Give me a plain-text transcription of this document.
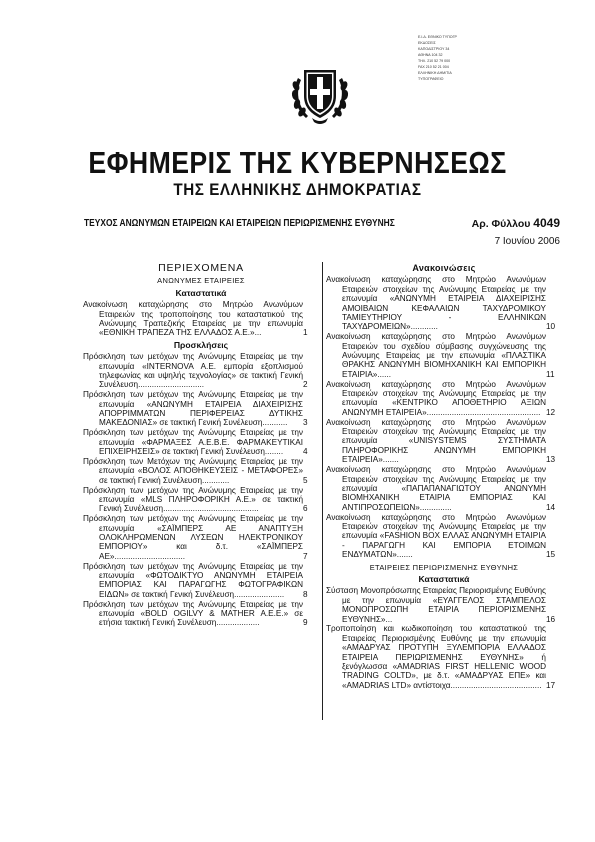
Ε.Ι.Δ. ΕΘΝΙΚΟ ΤΥΠΟΓΡ
ΕΚΔΟΣΕΙΣ
ΚΑΠΟΔΙΣΤΡΙΟΥ 34
ΑΘΗΝΑ 104 32
ΤΗΛ. 210 52 79 000
FAX 210 52 21 004
ΕΛΛΗΝΙΚΗ ΔΗΜ/ΤΙΑ
ΤΥΠΟΓΡΑΦΕΙΟ
ΕΦΗΜΕΡΙΣ ΤΗΣ ΚΥΒΕΡΝΗΣΕΩΣ
ΤΗΣ ΕΛΛΗΝΙΚΗΣ ΔΗΜΟΚΡΑΤΙΑΣ
ΤΕΥΧΟΣ ΑΝΩΝΥΜΩΝ ΕΤΑΙΡΕΙΩΝ ΚΑΙ ΕΤΑΙΡΕΙΩΝ ΠΕΡΙΩΡΙΣΜΕΝΗΣ ΕΥΘΥΝΗΣ	Αρ. Φύλλου 4049
7 Ιουνίου 2006
ΠΕΡΙΕΧΟΜΕΝΑ
ΑΝΩΝΥΜΕΣ ΕΤΑΙΡΕΙΕΣ
Καταστατικά
Ανακοίνωση καταχώρησης στο Μητρώο Ανωνύμων Εταιρειών της τροποποίησης του καταστατικού της Ανώνυμης Τραπεζικής Εταιρείας με την επωνυμία «ΕΘΝΙΚΗ ΤΡΑΠΕΖΑ ΤΗΣ ΕΛΛΑΔΟΣ Α.Ε.»...	1
Προσκλήσεις
Πρόσκληση των μετόχων της Ανώνυμης Εταιρείας με την επωνυμία «INTERNOVA A.E. εμπορία εξοπλισμού τηλεφωνίας και υψηλής τεχνολογίας» σε τακτική Γενική Συνέλευση.............................	2
Πρόσκληση των μετόχων της Ανώνυμης Εταιρείας με την επωνυμία «ΑΝΩΝΥΜΗ ΕΤΑΙΡΕΙΑ ΔΙΑΧΕΙΡΙΣΗΣ ΑΠΟΡΡΙΜΜΑΤΩΝ ΠΕΡΙΦΕΡΕΙΑΣ ΔΥΤΙΚΗΣ ΜΑΚΕΔΟΝΙΑΣ» σε τακτική Γενική Συνέλευση........... 3
Πρόσκληση των μετόχων της Ανώνυμης Εταιρείας με την επωνυμία «ΦΑΡΜΑΞΕΣ Α.Ε.Β.Ε. ΦΑΡΜΑΚΕΥΤΙΚΑΙ ΕΠΙΧΕΙΡΗΣΕΙΣ» σε τακτική Γενική Συνέλευση........ 4
Πρόσκληση των Μετόχων της Ανώνυμης Εταιρείας με την επωνυμία «ΒΟΛΟΣ ΑΠΟΘΗΚΕΥΣΕΙΣ - ΜΕΤΑΦΟΡΕΣ» σε τακτική Γενική Συνέλευση............	5
Πρόσκληση των μετόχων της Ανώνυμης Εταιρείας με την επωνυμία «MLS ΠΛΗΡΟΦΟΡΙΚΗ Α.Ε.» σε τακτική Γενική Συνέλευση..........................................	6
Πρόσκληση των μετόχων της Ανώνυμης Εταιρείας με την επωνυμία «ΣΑΪΜΠΕΡΣ ΑΕ ΑΝΑΠΤΥΞΗ ΟΛΟΚΛΗΡΩΜΕΝΩΝ ΛΥΣΕΩΝ ΗΛΕΚΤΡΟΝΙΚΟΥ ΕΜΠΟΡΙΟΥ» και δ.τ. «ΣΑΪΜΠΕΡΣ ΑΕ»...............................	7
Πρόσκληση των μετόχων της Ανώνυμης Εταιρείας με την επωνυμία «ΦΩΤΟΔΙΚΤΥΟ ΑΝΩΝΥΜΗ ΕΤΑΙΡΕΙΑ ΕΜΠΟΡΙΑΣ ΚΑΙ ΠΑΡΑΓΩΓΗΣ ΦΩΤΟΓΡΑΦΙΚΩΝ ΕΙΔΩΝ» σε τακτική Γενική Συνέλευση...................... 8
Πρόσκληση των μετόχων της Ανώνυμης Εταιρείας με την επωνυμία «BOLD OGILVY & MATHER A.E.E.» σε ετήσια τακτική Γενική Συνέλευση...................	9
Ανακοινώσεις
Ανακοίνωση καταχώρησης στο Μητρώο Ανωνύμων Εταιρειών στοιχείων της Ανώνυμης Εταιρείας με την επωνυμία «ΑΝΩΝΥΜΗ ΕΤΑΙΡΕΙΑ ΔΙΑΧΕΙΡΙΣΗΣ ΑΜΟΙΒΑΙΩΝ ΚΕΦΑΛΑΙΩΝ ΤΑΧΥΔΡΟΜΙΚΟΥ ΤΑΜΙΕΥΤΗΡΙΟΥ - ΕΛΛΗΝΙΚΩΝ ΤΑΧΥΔΡΟΜΕΙΩΝ»............	10
Ανακοίνωση καταχώρησης στο Μητρώο Ανωνύμων Εταιρειών του σχεδίου σύμβασης συγχώνευσης της Ανώνυμης Εταιρείας με την επωνυμία «ΠΛΑΣΤΙΚΑ ΘΡΑΚΗΣ ΑΝΩΝΥΜΗ ΒΙΟΜΗΧΑΝΙΚΗ ΚΑΙ ΕΜΠΟΡΙΚΗ ΕΤΑΙΡΙΑ»......	11
Ανακοίνωση καταχώρησης στο Μητρώο Ανωνύμων Εταιρειών στοιχείων της Ανώνυμης Εταιρείας με την επωνυμία «ΚΕΝΤΡΙΚΟ ΑΠΟΘΕΤΗΡΙΟ ΑΞΙΩΝ ΑΝΩΝΥΜΗ ΕΤΑΙΡΕΙΑ».................................................. 12
Ανακοίνωση καταχώρησης στο Μητρώο Ανωνύμων Εταιρειών στοιχείων της Ανώνυμης Εταιρείας με την επωνυμία «UNISYSTEMS ΣΥΣΤΗΜΑΤΑ ΠΛΗΡΟΦΟΡΙΚΗΣ ΑΝΩΝΥΜΗ ΕΜΠΟΡΙΚΗ ΕΤΑΙΡΕΙΑ».......	13
Ανακοίνωση καταχώρησης στο Μητρώο Ανωνύμων Εταιρειών στοιχείων της Ανώνυμης Εταιρείας με την επωνυμία «ΠΑΠΑΠΑΝΑΓΙΩΤΟΥ ΑΝΩΝΥΜΗ ΒΙΟΜΗΧΑΝΙΚΗ ΕΤΑΙΡΙΑ ΕΜΠΟΡΙΑΣ ΚΑΙ ΑΝΤΙΠΡΟΣΩΠΕΙΩΝ»..............	14
Ανακοίνωση καταχώρησης στο Μητρώο Ανωνύμων Εταιρειών στοιχείων της Ανώνυμης Εταιρείας με την επωνυμία «FASHION BOX ΕΛΛΑΣ ΑΝΩΝΥΜΗ ΕΤΑΙΡΙΑ - ΠΑΡΑΓΩΓΗ ΚΑΙ ΕΜΠΟΡΙΑ ΕΤΟΙΜΩΝ ΕΝΔΥΜΑΤΩΝ».......	15
ΕΤΑΙΡΕΙΕΣ ΠΕΡΙΩΡΙΣΜΕΝΗΣ ΕΥΘΥΝΗΣ
Καταστατικά
Σύσταση Μονοπρόσωπης Εταιρείας Περιορισμένης Ευθύνης με την επωνυμία «ΕΥΑΓΓΕΛΟΣ ΣΤΑΜΠΕΛΟΣ ΜΟΝΟΠΡΟΣΩΠΗ ΕΤΑΙΡΙΑ ΠΕΡΙΟΡΙΣΜΕΝΗΣ ΕΥΘΥΝΗΣ»...	16
Τροποποίηση και κωδικοποίηση του καταστατικού της Εταιρείας Περιορισμένης Ευθύνης με την επωνυμία «ΑΜΑΔΡΥΑΣ ΠΡΟΤΥΠΗ ΞΥΛΕΜΠΟΡΙΑ ΕΛΛΑΔΟΣ ΕΤΑΙΡΕΙΑ ΠΕΡΙΩΡΙΣΜΕΝΗΣ ΕΥΘΥΝΗΣ» ή ξενόγλωσσα «AMADRIAS FIRST HELLENIC WOOD TRADING COLTD», με δ.τ. «ΑΜΑΔΡΥΑΣ ΕΠΕ» και «AMADRIAS LTD» αντίστοιχα........................................ 17
